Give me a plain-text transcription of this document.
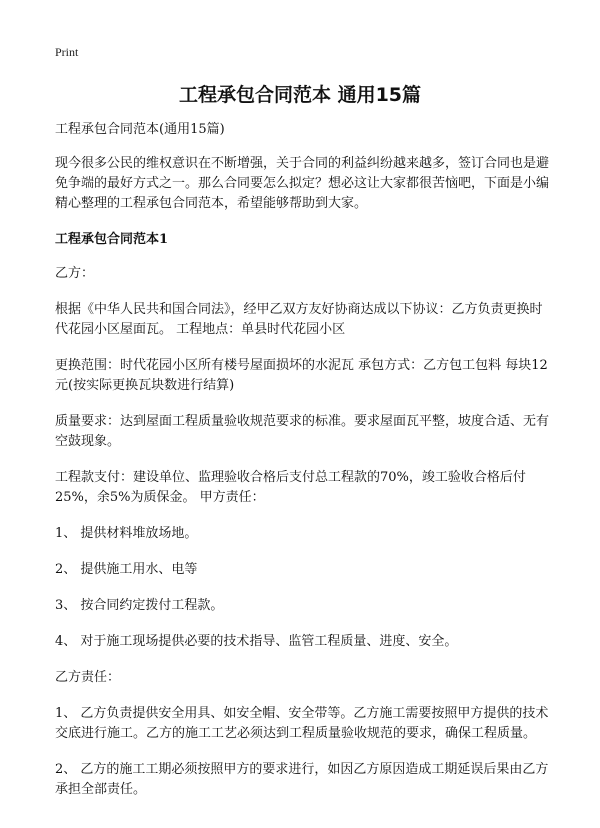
Print
工程承包合同范本 通用15篇

工程承包合同范本(通用15篇)

现今很多公民的维权意识在不断增强，关于合同的利益纠纷越来越多，签订合同也是避免争端的最好方式之一。那么合同要怎么拟定？想必这让大家都很苦恼吧，下面是小编精心整理的工程承包合同范本，希望能够帮助到大家。

工程承包合同范本1

乙方：

根据《中华人民共和国合同法》，经甲乙双方友好协商达成以下协议：乙方负责更换时代花园小区屋面瓦。 工程地点：单县时代花园小区

更换范围：时代花园小区所有楼号屋面损坏的水泥瓦 承包方式：乙方包工包料 每块12元(按实际更换瓦块数进行结算)

质量要求：达到屋面工程质量验收规范要求的标准。要求屋面瓦平整，坡度合适、无有空鼓现象。

工程款支付：建设单位、监理验收合格后支付总工程款的70%，竣工验收合格后付25%，余5%为质保金。 甲方责任：

1、 提供材料堆放场地。

2、 提供施工用水、电等

3、 按合同约定拨付工程款。

4、 对于施工现场提供必要的技术指导、监管工程质量、进度、安全。

乙方责任：

1、 乙方负责提供安全用具、如安全帽、安全带等。乙方施工需要按照甲方提供的技术交底进行施工。乙方的施工工艺必须达到工程质量验收规范的要求，确保工程质量。

2、 乙方的施工工期必须按照甲方的要求进行，如因乙方原因造成工期延误后果由乙方承担全部责任。
